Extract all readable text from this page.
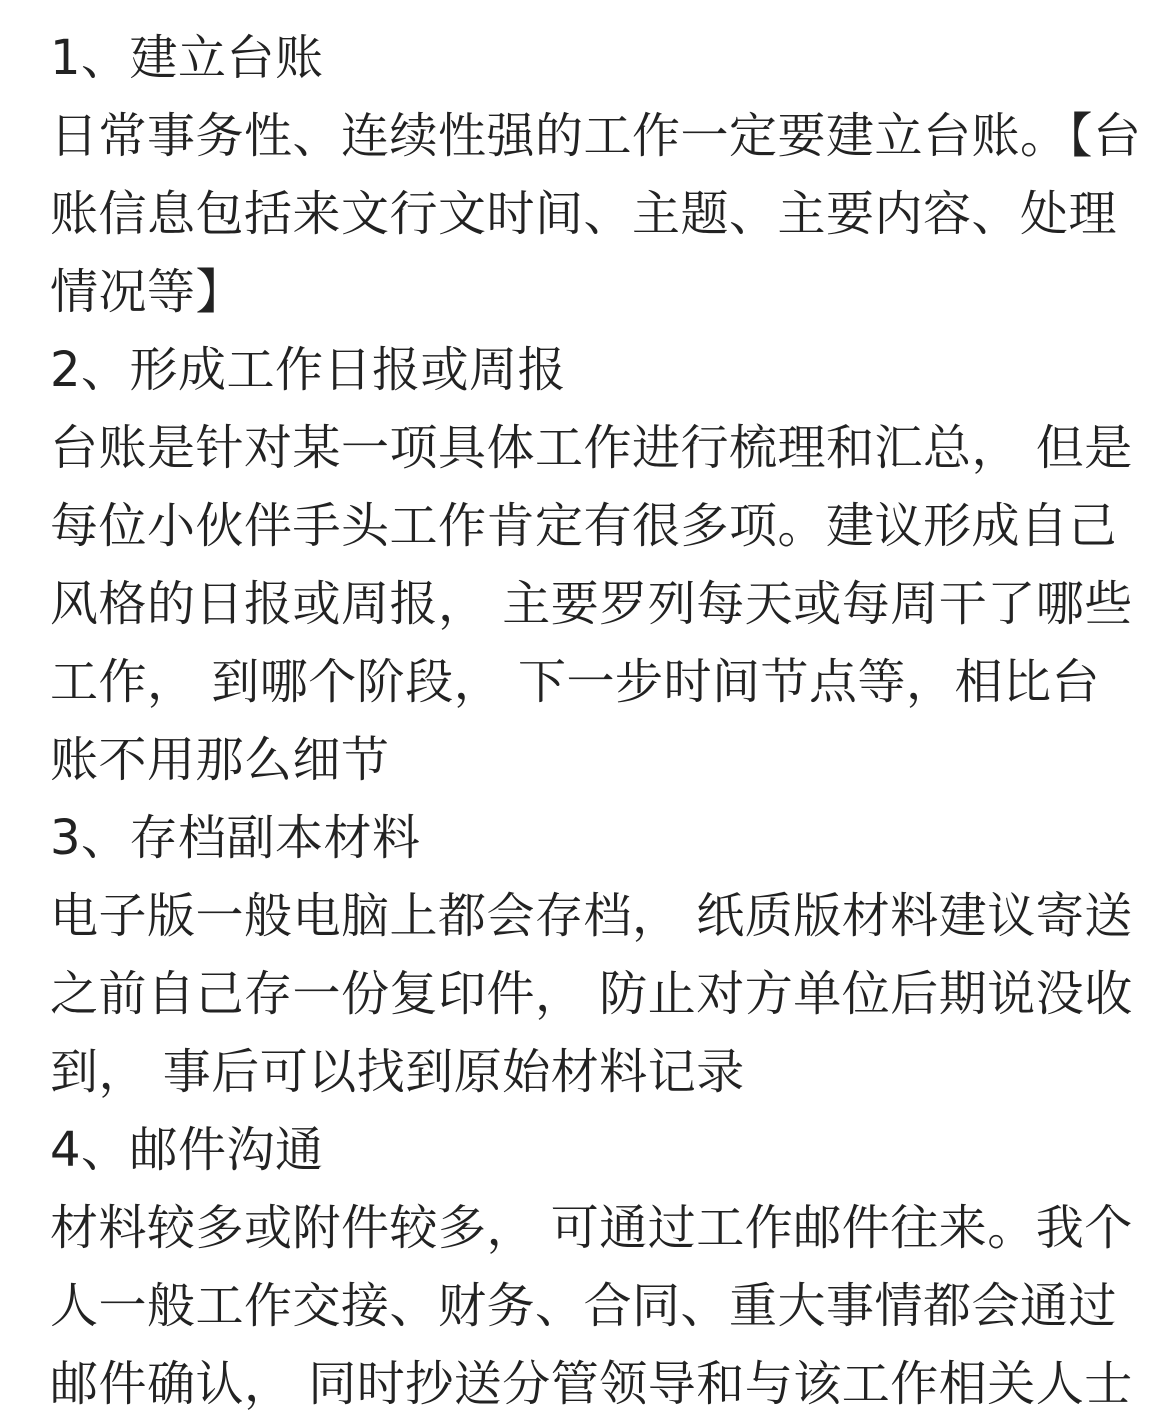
1、建立台账
日常事务性、连续性强的工作一定要建立台账。【台
账信息包括来文行文时间、主题、主要内容、处理
情况等】
2、形成工作日报或周报
台账是针对某一项具体工作进行梳理和汇总， 但是
每位小伙伴手头工作肯定有很多项。建议形成自己
风格的日报或周报， 主要罗列每天或每周干了哪些
工作， 到哪个阶段， 下一步时间节点等，相比台
账不用那么细节
3、存档副本材料
电子版一般电脑上都会存档， 纸质版材料建议寄送
之前自己存一份复印件， 防止对方单位后期说没收
到， 事后可以找到原始材料记录
4、邮件沟通
材料较多或附件较多， 可通过工作邮件往来。我个
人一般工作交接、财务、合同、重大事情都会通过
邮件确认， 同时抄送分管领导和与该工作相关人士
